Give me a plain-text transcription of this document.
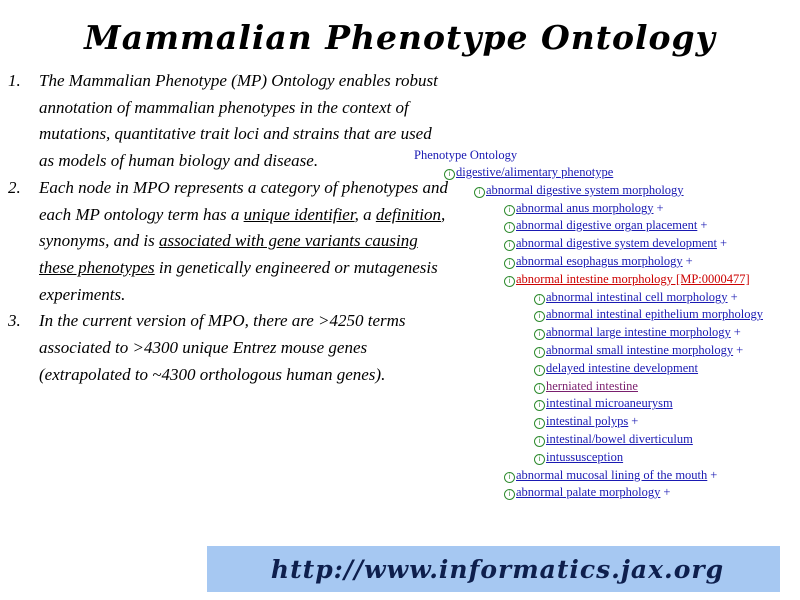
Mammalian Phenotype Ontology
1. The Mammalian Phenotype (MP) Ontology enables robust annotation of mammalian phenotypes in the context of mutations, quantitative trait loci and strains that are used as models of human biology and disease.
2. Each node in MPO represents a category of phenotypes and each MP ontology term has a unique identifier, a definition, synonyms, and is associated with gene variants causing these phenotypes in genetically engineered or mutagenesis experiments.
3. In the current version of MPO, there are >4250 terms associated to >4300 unique Entrez mouse genes (extrapolated to ~4300 orthologous human genes).
Phenotype Ontology
i digestive/alimentary phenotype
i abnormal digestive system morphology
i abnormal anus morphology +
i abnormal digestive organ placement +
i abnormal digestive system development +
i abnormal esophagus morphology +
i abnormal intestine morphology [MP:0000477]
i abnormal intestinal cell morphology +
i abnormal intestinal epithelium morphology
i abnormal large intestine morphology +
i abnormal small intestine morphology +
i delayed intestine development
i herniated intestine
i intestinal microaneurysm
i intestinal polyps +
i intestinal/bowel diverticulum
i intussusception
i abnormal mucosal lining of the mouth +
i abnormal palate morphology +
http://www.informatics.jax.org
